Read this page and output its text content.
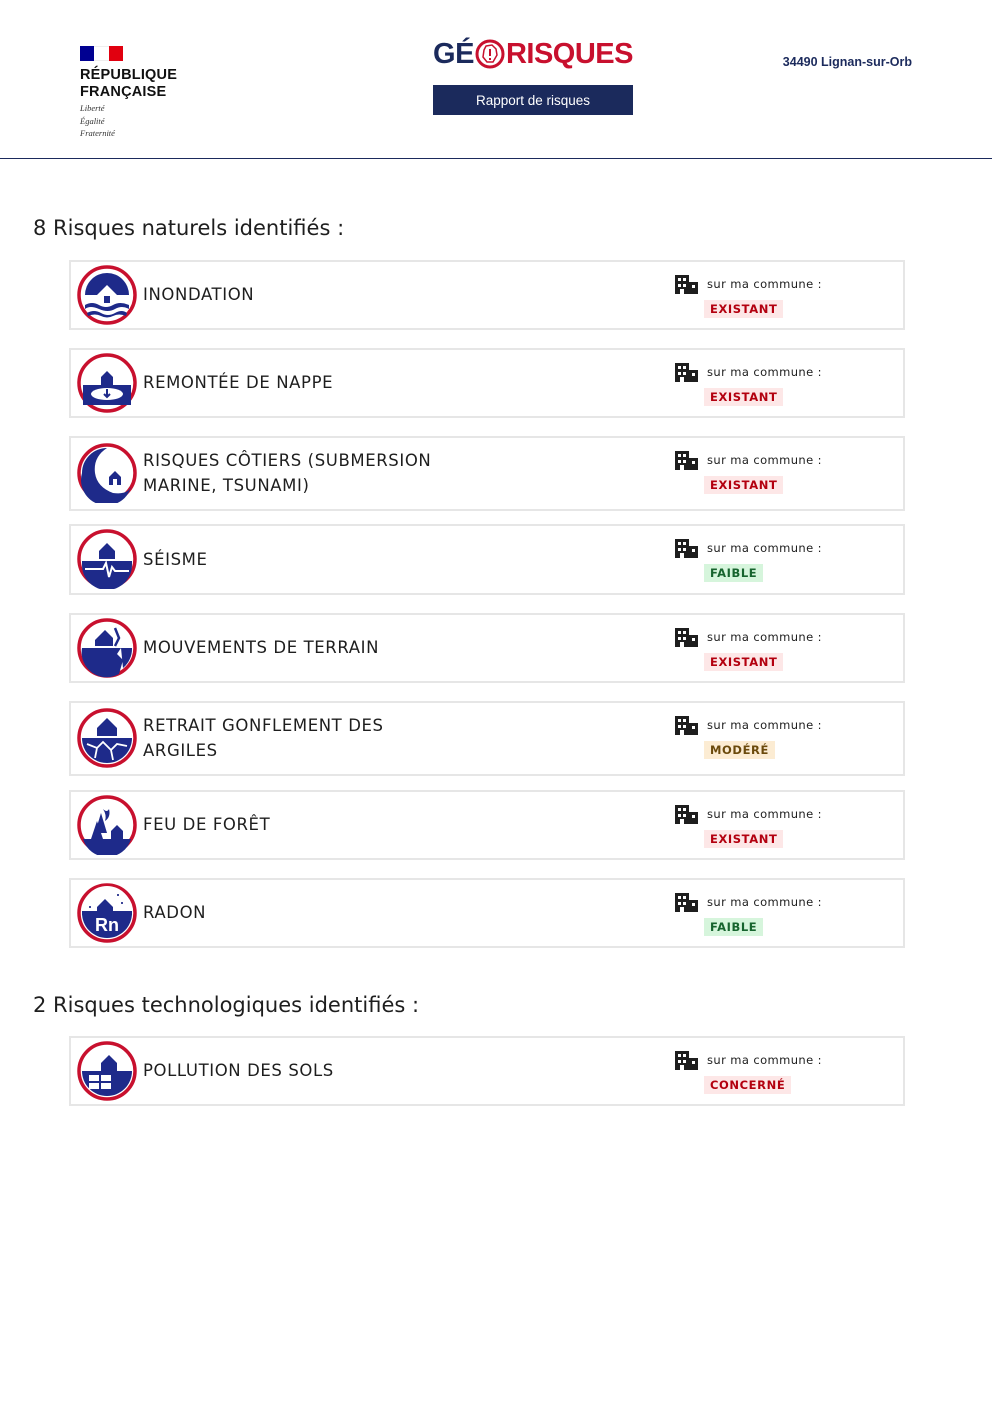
RÉPUBLIQUE
FRANÇAISE
Liberté
Égalité
Fraternité
GÉ RISQUES
Rapport de risques
34490 Lignan-sur-Orb
8 Risques naturels identifiés :
INONDATION
sur ma commune :
EXISTANT
REMONTÉE DE NAPPE
sur ma commune :
EXISTANT
RISQUES CÔTIERS (SUBMERSION
MARINE, TSUNAMI)
sur ma commune :
EXISTANT
SÉISME
sur ma commune :
FAIBLE
MOUVEMENTS DE TERRAIN
sur ma commune :
EXISTANT
RETRAIT GONFLEMENT DES
ARGILES
sur ma commune :
MODÉRÉ
FEU DE FORÊT
sur ma commune :
EXISTANT
Rn
RADON
sur ma commune :
FAIBLE
2 Risques technologiques identifiés :
POLLUTION DES SOLS
sur ma commune :
CONCERNÉ
